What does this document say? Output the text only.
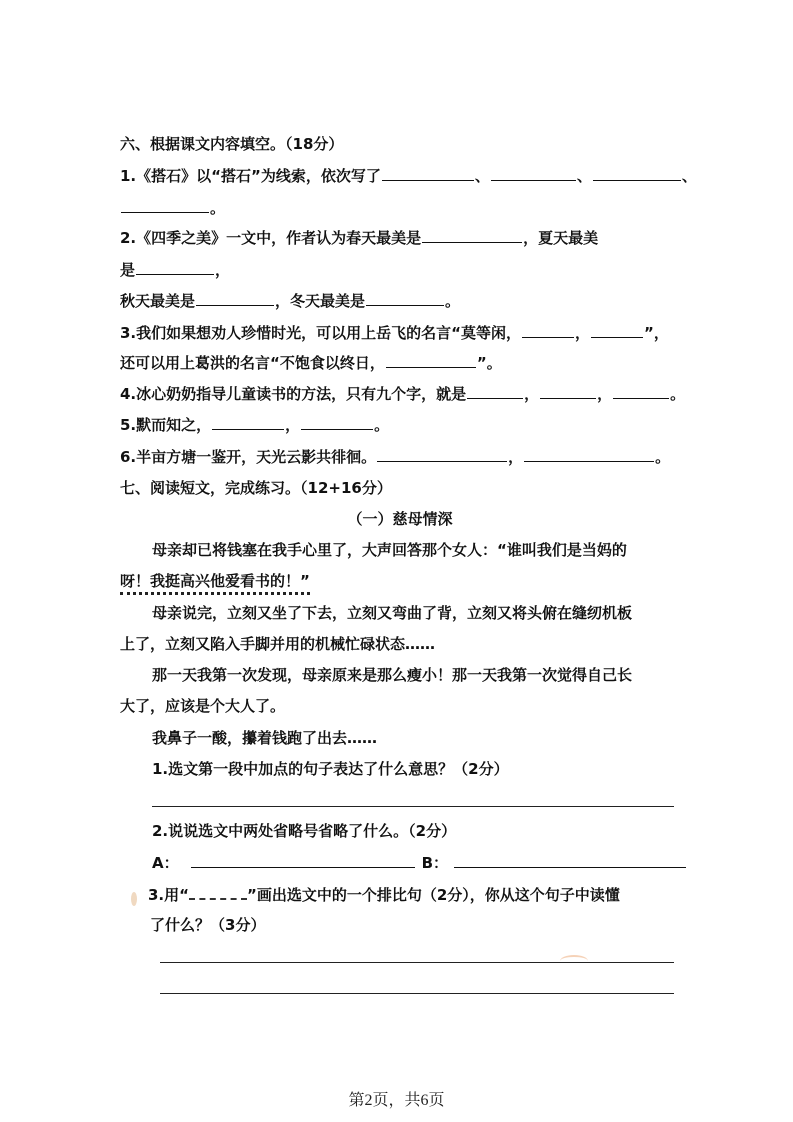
六、根据课文内容填空。（18分）
1.《搭石》以“搭石”为线索，依次写了	、	、	、
。
2.《四季之美》一文中，作者认为春天最美是	，夏天最美
是	，
秋天最美是	，冬天最美是	。
3.我们如果想劝人珍惜时光，可以用上岳飞的名言“莫等闲，	，	”，
还可以用上葛洪的名言“不饱食以终日，	”。
4.冰心奶奶指导儿童读书的方法，只有九个字，就是	，	，	。
5.默而知之，	，	。
6.半亩方塘一鉴开，天光云影共徘徊。	，	。
七、阅读短文，完成练习。（12+16分）
（一）慈母情深
母亲却已将钱塞在我手心里了，大声回答那个女人：“谁叫我们是当妈的
呀！我挺高兴他爱看书的！”
母亲说完，立刻又坐了下去，立刻又弯曲了背，立刻又将头俯在缝纫机板
上了，立刻又陷入手脚并用的机械忙碌状态……
那一天我第一次发现，母亲原来是那么瘦小！那一天我第一次觉得自己长
大了，应该是个大人了。
我鼻子一酸，攥着钱跑了出去……
1.选文第一段中加点的句子表达了什么意思？（2分）
2.说说选文中两处省略号省略了什么。（2分）
A：	B：
3.用“	”画出选文中的一个排比句（2分），你从这个句子中读懂
了什么？（3分）
第2页，共6页
